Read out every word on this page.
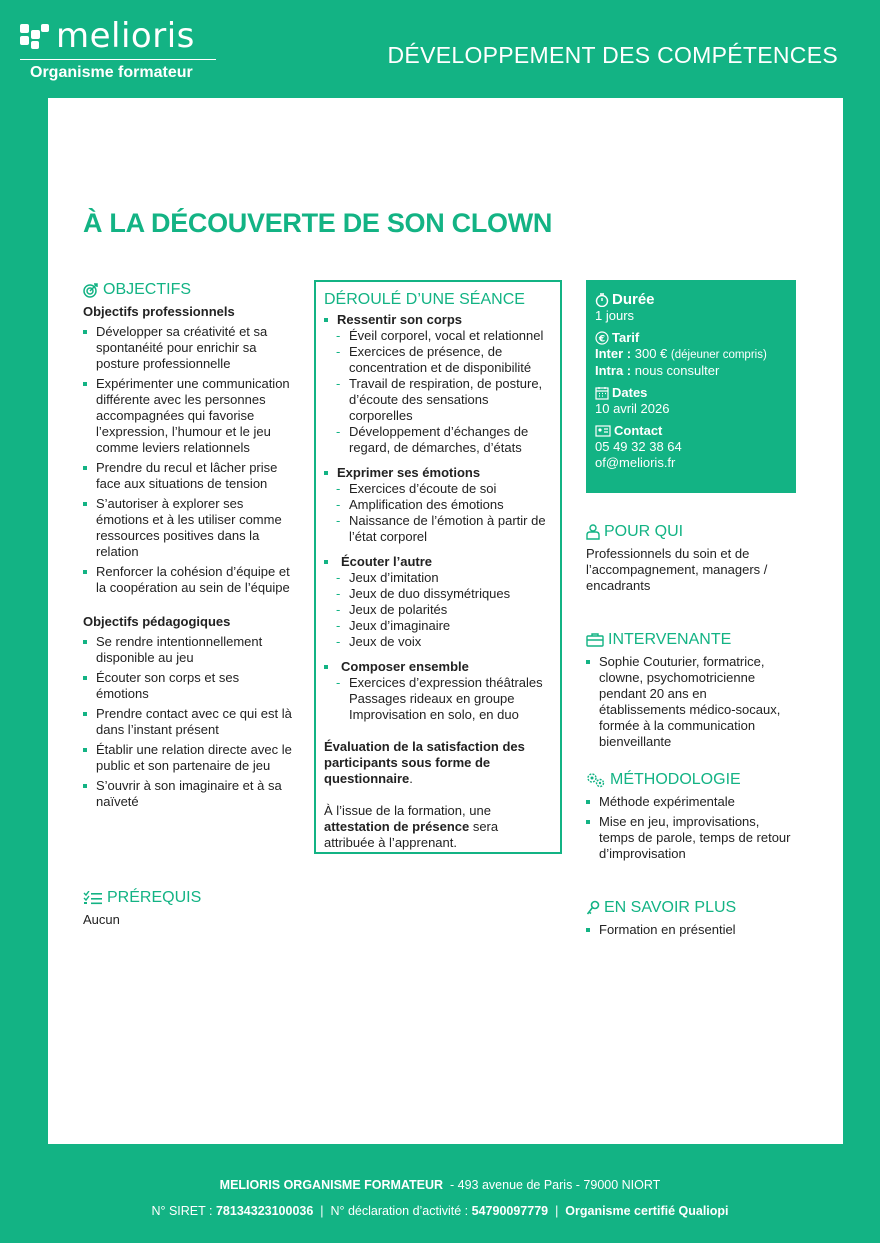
melioris
Organisme formateur
DÉVELOPPEMENT DES COMPÉTENCES
À LA DÉCOUVERTE DE SON CLOWN
OBJECTIFS
Objectifs professionnels
Développer sa créativité et sa spontanéité pour enrichir sa posture professionnelle
Expérimenter une communication différente avec les personnes accompagnées qui favorise l’expression, l’humour et le jeu comme leviers relationnels
Prendre du recul et lâcher prise face aux situations de tension
S’autoriser à explorer ses émotions et à les utiliser comme ressources positives dans la relation
Renforcer la cohésion d’équipe et la coopération au sein de l’équipe
Objectifs pédagogiques
Se rendre intentionnellement disponible au jeu
Écouter son corps et ses émotions
Prendre contact avec ce qui est là dans l’instant présent
Établir une relation directe avec le public et son partenaire de jeu
S’ouvrir à son imaginaire et à sa naïveté
PRÉREQUIS
Aucun
DÉROULÉ D’UNE SÉANCE
Ressentir son corps
- Éveil corporel, vocal et relationnel
- Exercices de présence, de concentration et de disponibilité
- Travail de respiration, de posture, d’écoute des sensations corporelles
- Développement d’échanges de regard, de démarches, d’états
Exprimer ses émotions
- Exercices d’écoute de soi
- Amplification des émotions
- Naissance de l’émotion à partir de l’état corporel
Écouter l’autre
- Jeux d’imitation
- Jeux de duo dissymétriques
- Jeux de polarités
- Jeux d’imaginaire
- Jeux de voix
Composer ensemble
- Exercices d’expression théâtrales
Passages rideaux en groupe
Improvisation en solo, en duo
Évaluation de la satisfaction des participants sous forme de questionnaire.
À l’issue de la formation, une attestation de présence sera attribuée à l’apprenant.
Durée
1 jours
€ Tarif
Inter : 300 € (déjeuner compris)
Intra : nous consulter
Dates
10 avril 2026
Contact
05 49 32 38 64
of@melioris.fr
POUR QUI
Professionnels du soin et de l’accompagnement, managers / encadrants
INTERVENANTE
Sophie Couturier, formatrice, clowne, psychomotricienne pendant 20 ans en établissements médico-socaux, formée à la communication bienveillante
MÉTHODOLOGIE
Méthode expérimentale
Mise en jeu, improvisations, temps de parole, temps de retour d’improvisation
EN SAVOIR PLUS
Formation en présentiel
MELIORIS ORGANISME FORMATEUR - 493 avenue de Paris - 79000 NIORT
N° SIRET : 78134323100036  |  N° déclaration d’activité : 54790097779  |  Organisme certifié Qualiopi
